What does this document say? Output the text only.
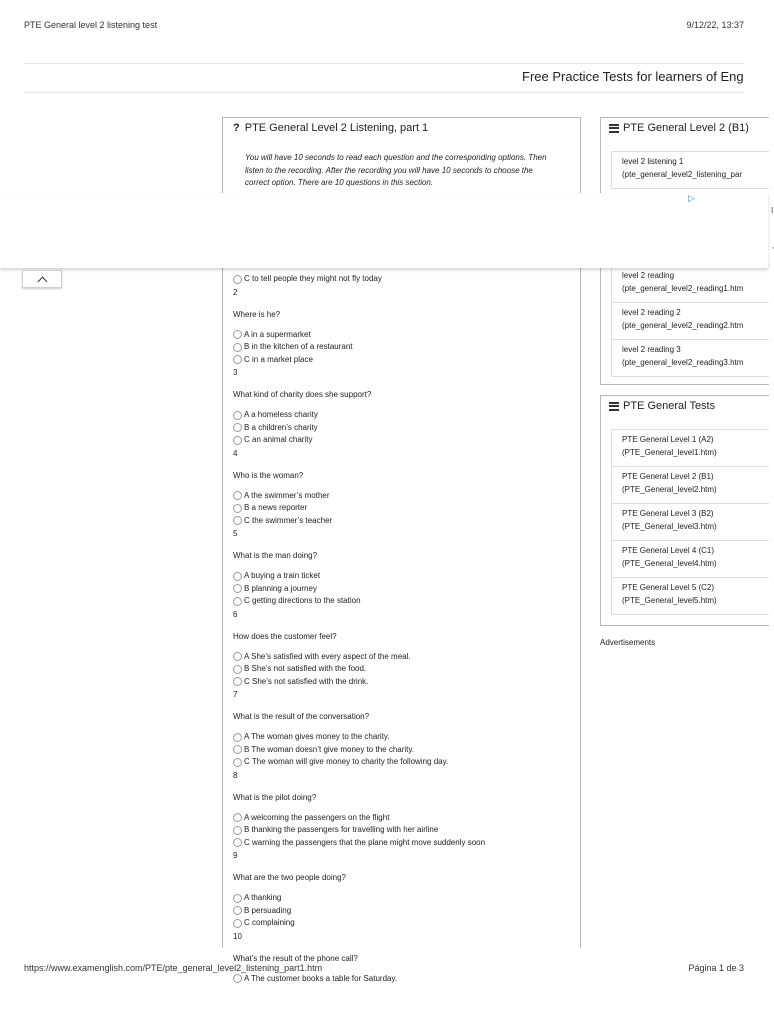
PTE General level 2 listening test	9/12/22, 13:37
Free Practice Tests for learners of Eng
? PTE General Level 2 Listening, part 1
You will have 10 seconds to read each question and the corresponding options. Then listen to the recording. After the recording you will have 10 seconds to choose the correct option. There are 10 questions in this section.
C to tell people they might not fly today
2
Where is he?
A in a supermarket
B in the kitchen of a restaurant
C in a market place
3
What kind of charity does she support?
A a homeless charity
B a children’s charity
C an animal charity
4
Who is the woman?
A the swimmer’s mother
B a news reporter
C the swimmer’s teacher
5
What is the man doing?
A buying a train ticket
B planning a journey
C getting directions to the station
6
How does the customer feel?
A She’s satisfied with every aspect of the meal.
B She’s not satisfied with the food.
C She’s not satisfied with the drink.
7
What is the result of the conversation?
A The woman gives money to the charity.
B The woman doesn’t give money to the charity.
C The woman will give money to charity the following day.
8
What is the pilot doing?
A welcoming the passengers on the flight
B thanking the passengers for travelling with her airline
C warning the passengers that the plane might move suddenly soon
9
What are the two people doing?
A thanking
B persuading
C complaining
10
What’s the result of the phone call?
A The customer books a table for Saturday.
PTE General Level 2 (B1)
level 2 listening 1
(pte_general_level2_listening_par
level 2 reading
(pte_general_level2_reading1.htm
level 2 reading 2
(pte_general_level2_reading2.htm
level 2 reading 3
(pte_general_level2_reading3.htm
PTE General Tests
PTE General Level 1 (A2)
(PTE_General_level1.htm)
PTE General Level 2 (B1)
(PTE_General_level2.htm)
PTE General Level 3 (B2)
(PTE_General_level3.htm)
PTE General Level 4 (C1)
(PTE_General_level4.htm)
PTE General Level 5 (C2)
(PTE_General_level5.htm)
Advertisements
▷
I
https://www.examenglish.com/PTE/pte_general_level2_listening_part1.htm	Página 1 de 3
